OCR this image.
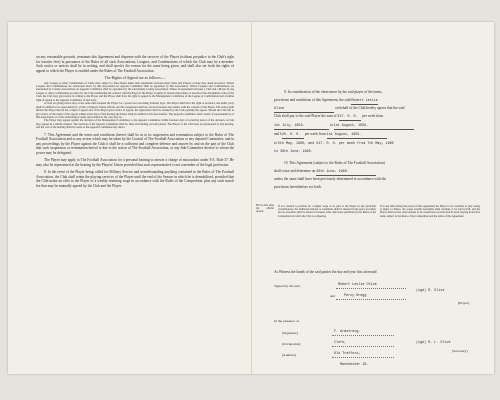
on any reasonable grounds, terminate this Agreement and dispense with the services of the Player (without prejudice to the Club's right for transfer fees) in pursuance of the Rules of all such Associations, Leagues, and Combinations of which the Club may be a member. Such notice or notices shall be in writing, and shall specify the reason for the same being given, and shall also set forth the rights of appeal to which the Player is entitled under the Rules of The Football Association.

The Rights of Appeal are as follows:—

Any League or other Combination of Clubs may, subject to these Rules make such regulations between their Clubs and Players as they may deem necessary. Where Leagues and Combinations are sanctioned direct by this Association an Appeals Committee shall be appointed by this Association. Where Leagues and Combinations are sanctioned by County Associations an Appeals Committee shall be appointed by the sanctioning County Association. Where an agreement between a Club and a Player in any League or other Combination provides for the Club terminating the contract with the Player if the Player is guilty of serious misconduct or breach of the disciplinary rules of the Club, the Club may give notice in writing to the Player and the Player shall have the right to appeal to the Management Committee of the League or Combination and a further right of appeal to the Appeals Committee of that body.

A Club on giving notice may at the same time suspend the Player for a period not exceeding fourteen days. The Player shall have the right to be heard, and either party shall be entitled to be represented by a Club or Player's Union official, and the suspension shall not exceed fourteen days unless with the consent of the Player. The notice shall inform the Player that he has a right of appeal and, if the Player gives notice of appeal, his registration shall be retained by the Club pending the appeal. Should the Club fail to give notice of the result of the appeal within seven days of the hearing the Player shall be entitled to his free transfer. The Appeals Committee shall consist of representatives of this Association or of the sanctioning County Association as the case may be.

The Player may appeal against the decision of the Management Committee to the Appeals Committee within fourteen days of receiving notice of the decision. A Club may appeal in a similar manner. The decision of the Appeals Committee shall be final and binding on both parties. The Player or the Club may be represented at any hearing, and the cost of the hearing shall be borne as the Appeals Committee may direct.

7. This Agreement and the terms and conditions thereof shall be as to its suspension and termination subject to the Rules of The Football Association and to any action which may be taken by the Council of The Football Association or any deputed Committee, and in any proceedings by the Player against the Club it shall be a sufficient and complete defence and answer by and on the part of the Club that such suspension or termination hereof is due to the action of The Football Association, or any Sub-Committee thereof to whom the power may be delegated.

The Player may apply to The Football Association for a personal hearing to answer a charge of misconduct under F.A. Rule 37. He may also be represented at the hearing by the Players' Union provided that such representative is not a member of the legal profession.

8. In the event of the Player being called for Military Service and notwithstanding anything contained in the Rules of The Football Association, the Club shall retain the playing services of the Player until the end of the Season in which he is demobilised, provided that the Club make an offer to the Player of a weekly retaining wage in accordance with the Rules of the Competition, plus any such match fee that may be mutually agreed by the Club and the Player.

9. In consideration of the observance by the said player of the terms,
provisions and conditions of this Agreement, the said Robert Leslie
Olive	on behalf of the Club hereby agrees that the said
Club shall pay to the said Player the sum of £17. 0. 0. per week from
1st July, 1959.	to 1st August, 1959.
and £20. 0. 0. per week from 1st August, 1959.
to 5th May, 1960, and £17. 0. 0. per week from 7th May, 1960
to 30th June, 1960.
10. This Agreement (subject to the Rules of The Football Association)
shall cease and determine on 30th June, 1960.
unless the same shall have been previously determined in accordance with the
provisions hereinbefore set forth.
Fill in date after the official season.
If it is desired to provide for a higher wage to be paid to the Player in any particular circumstances, the additional amount or conditions shall be inserted in the space provided, but no provision shall be made for bonuses other than those permitted by the Rules of the Competition in which the Club is competing.
If at any time during the period of this Agreement the Player is not available to play owing to injury or illness, the wages payable hereunder shall continue to be paid in full, and the Player shall receive such bonuses as he would have received had he been playing in the first team, subject to the Rules of the Competition and the terms of this Agreement.
As Witness the hands of the said parties the day and year first aforesaid
Signed by the said	Robert Leslie Olive
and	Percy Gregg
(sgd) R. Olive
(Player)
In the presence of
(Signature)	F. Armstrong.
(Occupation)	Clerk,
(Address)	Old Trafford,
Manchester 16.
(sgd) R. L. Olive
(Secretary)
